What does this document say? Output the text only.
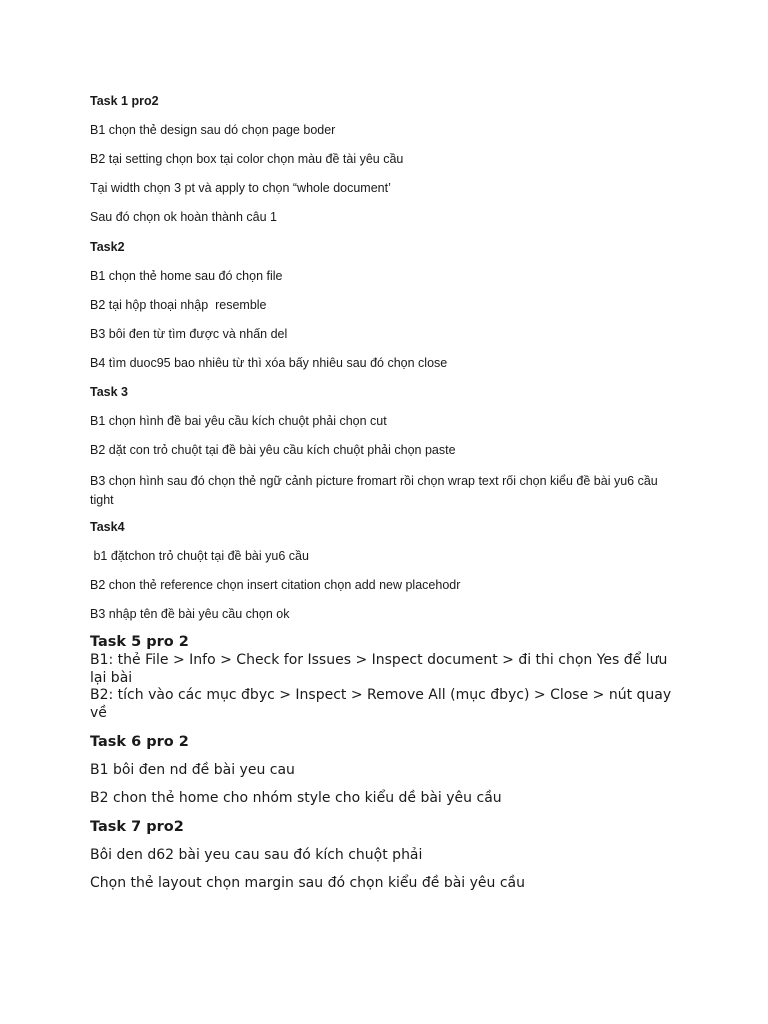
Task 1 pro2
B1 chọn thẻ design sau dó chọn page boder
B2 tại setting chọn box tại color chọn màu đề tài yêu cầu
Tại width chọn 3 pt và apply to chọn “whole document’
Sau đó chọn ok hoàn thành câu 1
Task2
B1 chọn thẻ home sau đó chọn file
B2 tại hộp thoại nhập  resemble
B3 bôi đen từ tìm được và nhấn del
B4 tìm duoc95 bao nhiêu từ thì xóa bấy nhiêu sau đó chọn close
Task 3
B1 chọn hình đề bai yêu cầu kích chuột phải chọn cut
B2 dặt con trỏ chuột tại đề bài yêu cầu kích chuột phải chọn paste
B3 chọn hình sau đó chọn thẻ ngữ cảnh picture fromart rồi chọn wrap text rối chọn kiểu đề bài yu6 cầu tight
Task4
b1 đặtchon trỏ chuột tại đề bài yu6 cầu
B2 chon thẻ reference chọn insert citation chọn add new placehodr
B3 nhập tên đề bài yêu cầu chọn ok
Task 5 pro 2
B1: thẻ File > Info > Check for Issues > Inspect document > đi thi chọn Yes để lưu lại bài
B2: tích vào các mục đbyc > Inspect > Remove All (mục đbyc) > Close > nút quay về
Task 6 pro 2
B1 bôi đen nd đề bài yeu cau
B2 chon thẻ home cho nhóm style cho kiểu dề bài yêu cầu
Task 7 pro2
Bôi den d62 bài yeu cau sau đó kích chuột phải
Chọn thẻ layout chọn margin sau đó chọn kiểu đề bài yêu cầu
